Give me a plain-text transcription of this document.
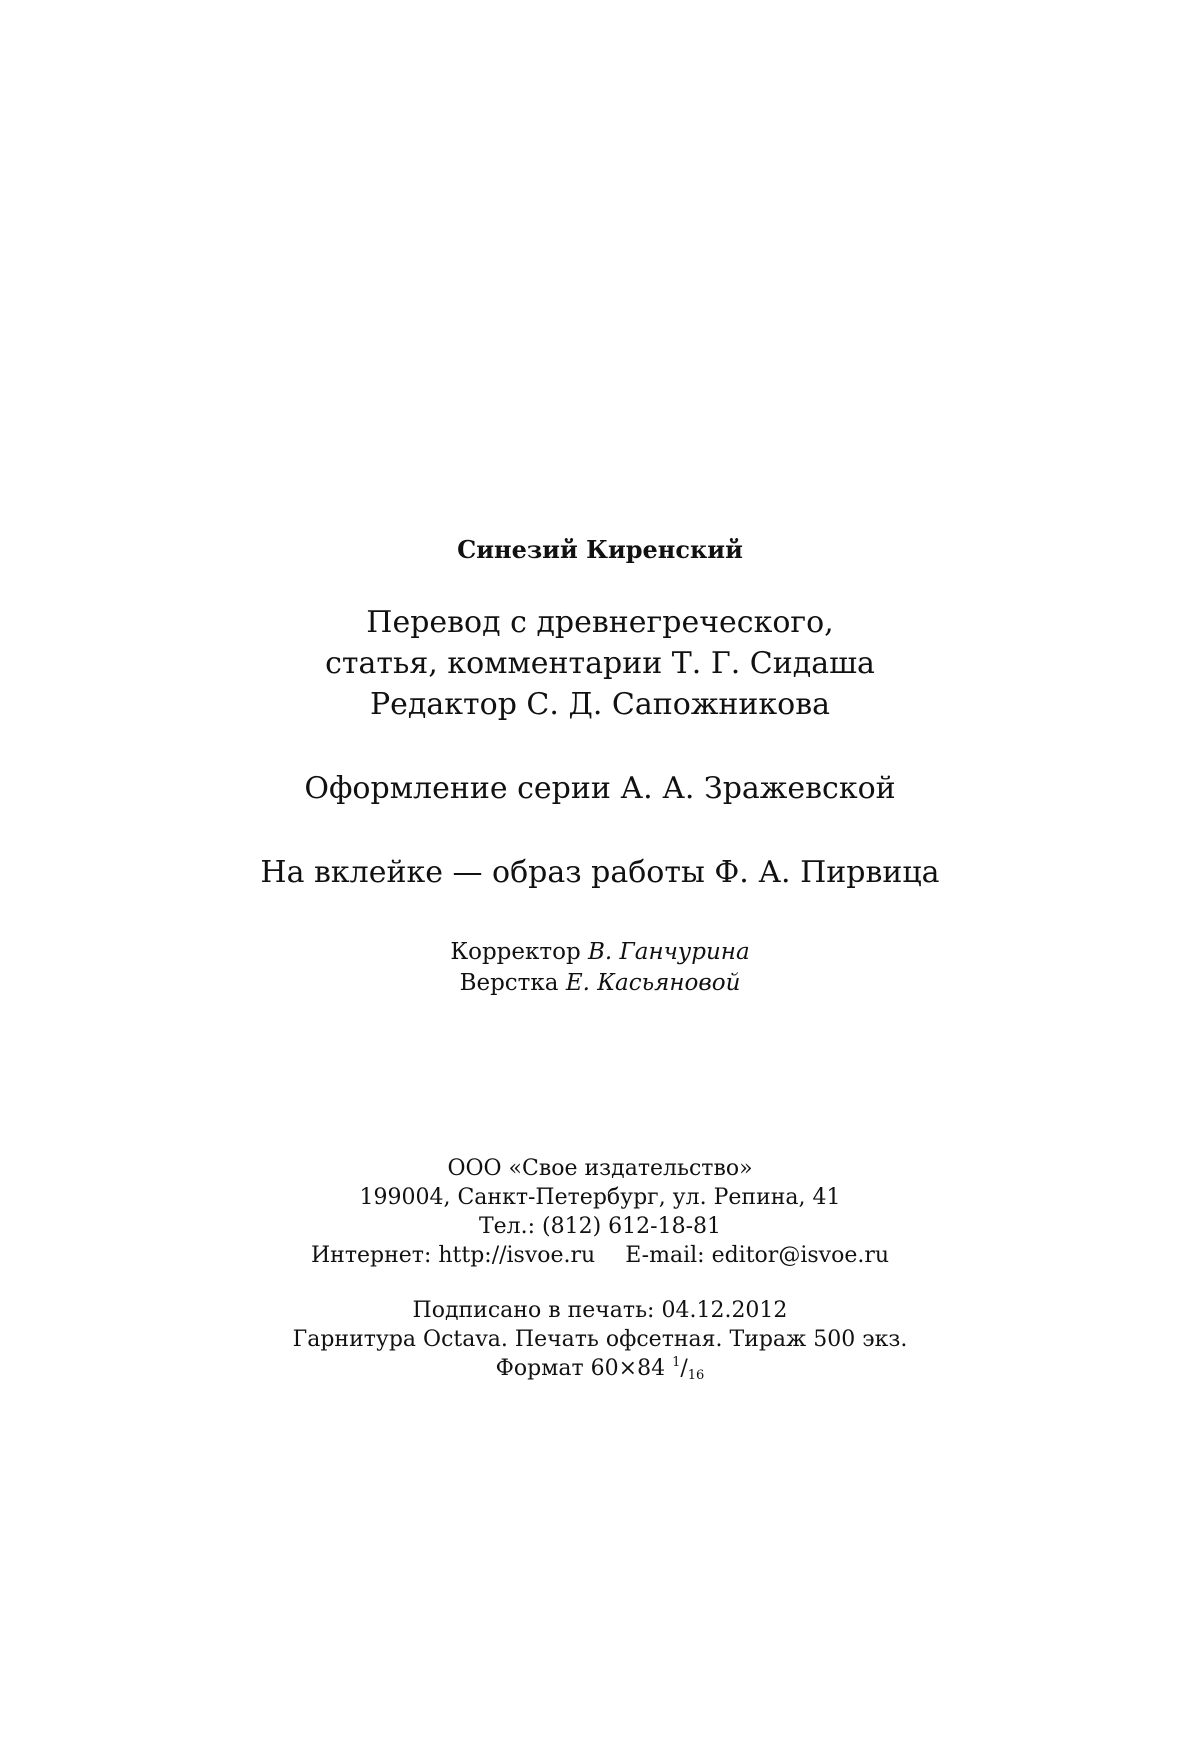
Синезий Киренский
Перевод с древнегреческого,
статья, комментарии Т. Г. Сидаша
Редактор С. Д. Сапожникова
Оформление серии А. А. Зражевской
На вклейке — образ работы Ф. А. Пирвица
Корректор В. Ганчурина
Верстка Е. Касьяновой
ООО «Свое издательство»
199004, Санкт-Петербург, ул. Репина, 41
Тел.: (812) 612-18-81
Интернет: http://isvoe.ru E-mail: editor@isvoe.ru
Подписано в печать: 04.12.2012
Гарнитура Octava. Печать офсетная. Тираж 500 экз.
Формат 60×84 $^1/_{16}$
